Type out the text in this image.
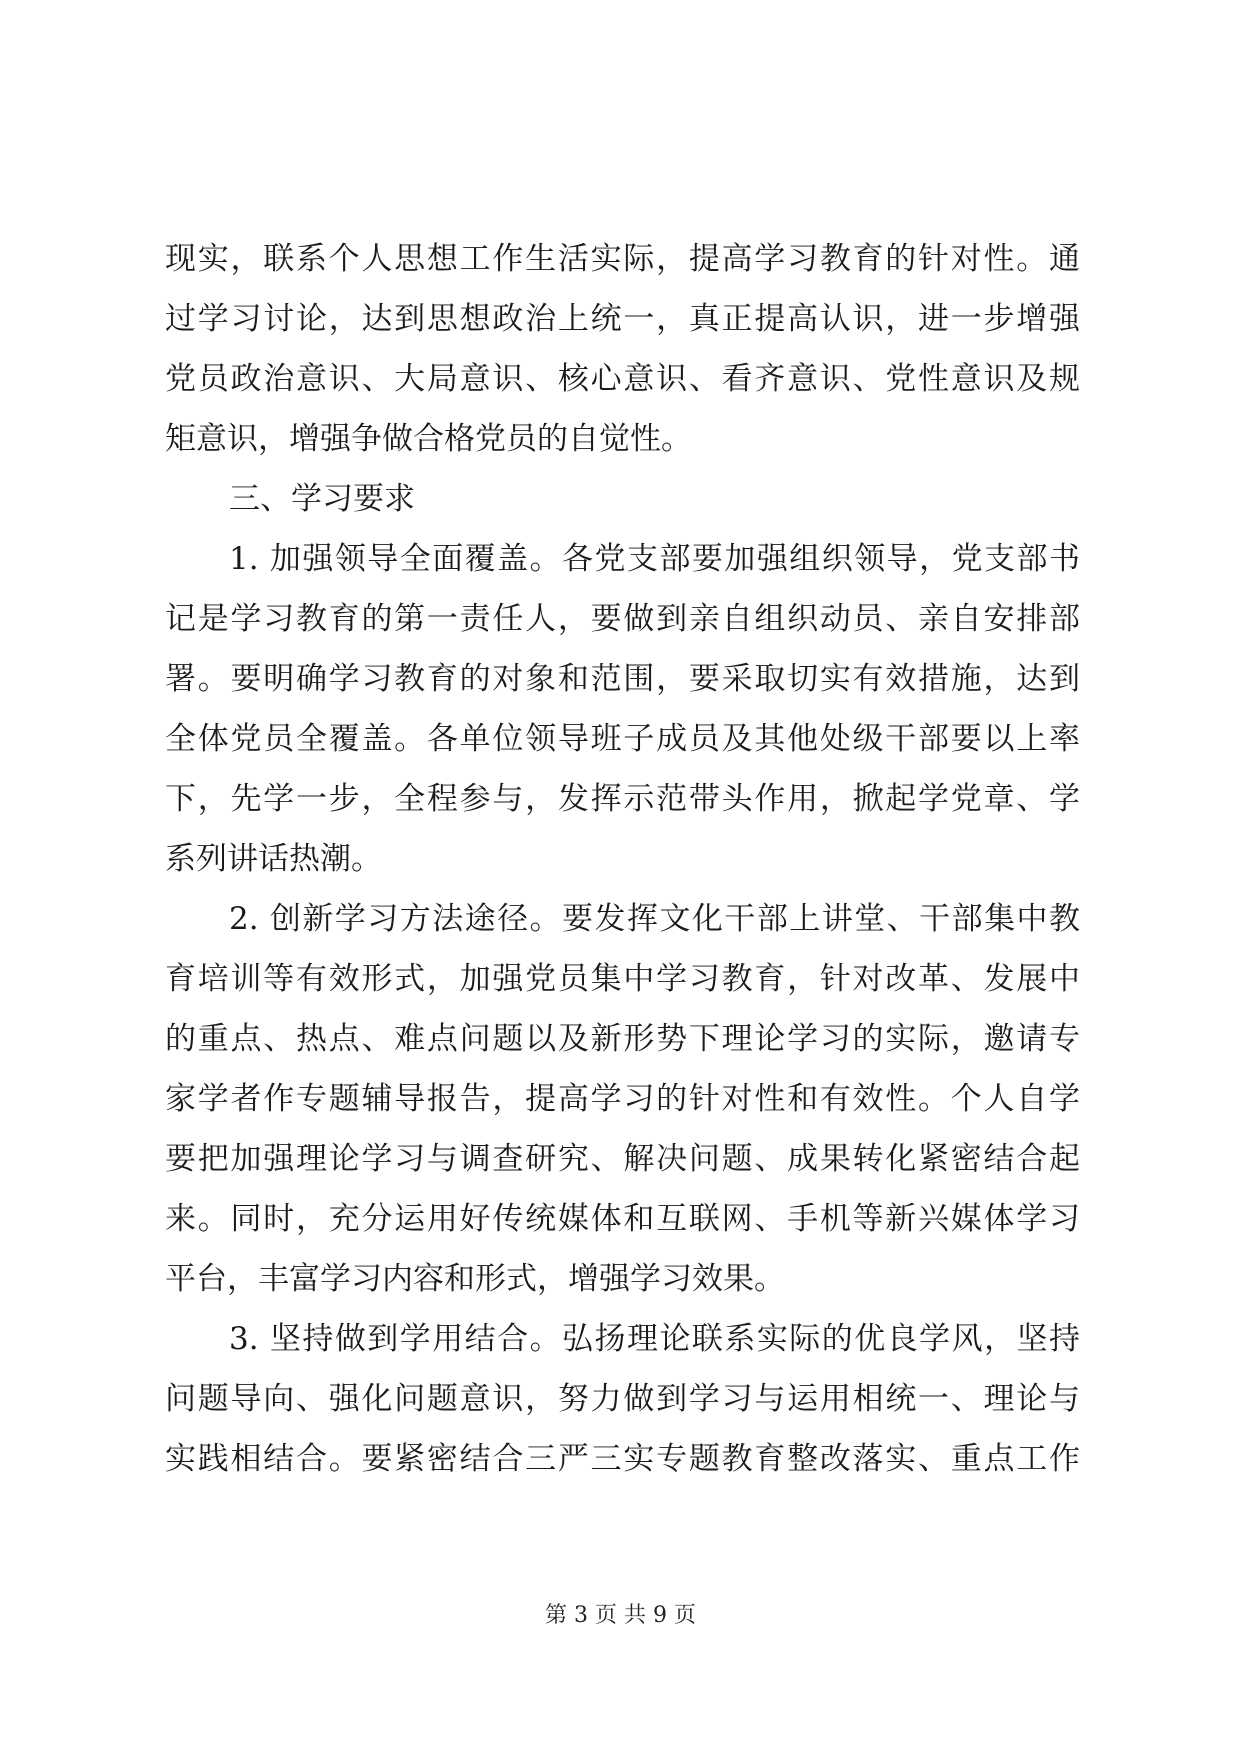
现实，联系个人思想工作生活实际，提高学习教育的针对性。通
过学习讨论，达到思想政治上统一，真正提高认识，进一步增强
党员政治意识、大局意识、核心意识、看齐意识、党性意识及规
矩意识，增强争做合格党员的自觉性。
三、学习要求
1. 加强领导全面覆盖。各党支部要加强组织领导，党支部书
记是学习教育的第一责任人，要做到亲自组织动员、亲自安排部
署。要明确学习教育的对象和范围，要采取切实有效措施，达到
全体党员全覆盖。各单位领导班子成员及其他处级干部要以上率
下，先学一步，全程参与，发挥示范带头作用，掀起学党章、学
系列讲话热潮。
2. 创新学习方法途径。要发挥文化干部上讲堂、干部集中教
育培训等有效形式，加强党员集中学习教育，针对改革、发展中
的重点、热点、难点问题以及新形势下理论学习的实际，邀请专
家学者作专题辅导报告，提高学习的针对性和有效性。个人自学
要把加强理论学习与调查研究、解决问题、成果转化紧密结合起
来。同时，充分运用好传统媒体和互联网、手机等新兴媒体学习
平台，丰富学习内容和形式，增强学习效果。
3. 坚持做到学用结合。弘扬理论联系实际的优良学风，坚持
问题导向、强化问题意识，努力做到学习与运用相统一、理论与
实践相结合。要紧密结合三严三实专题教育整改落实、重点工作
第 3 页 共 9 页
